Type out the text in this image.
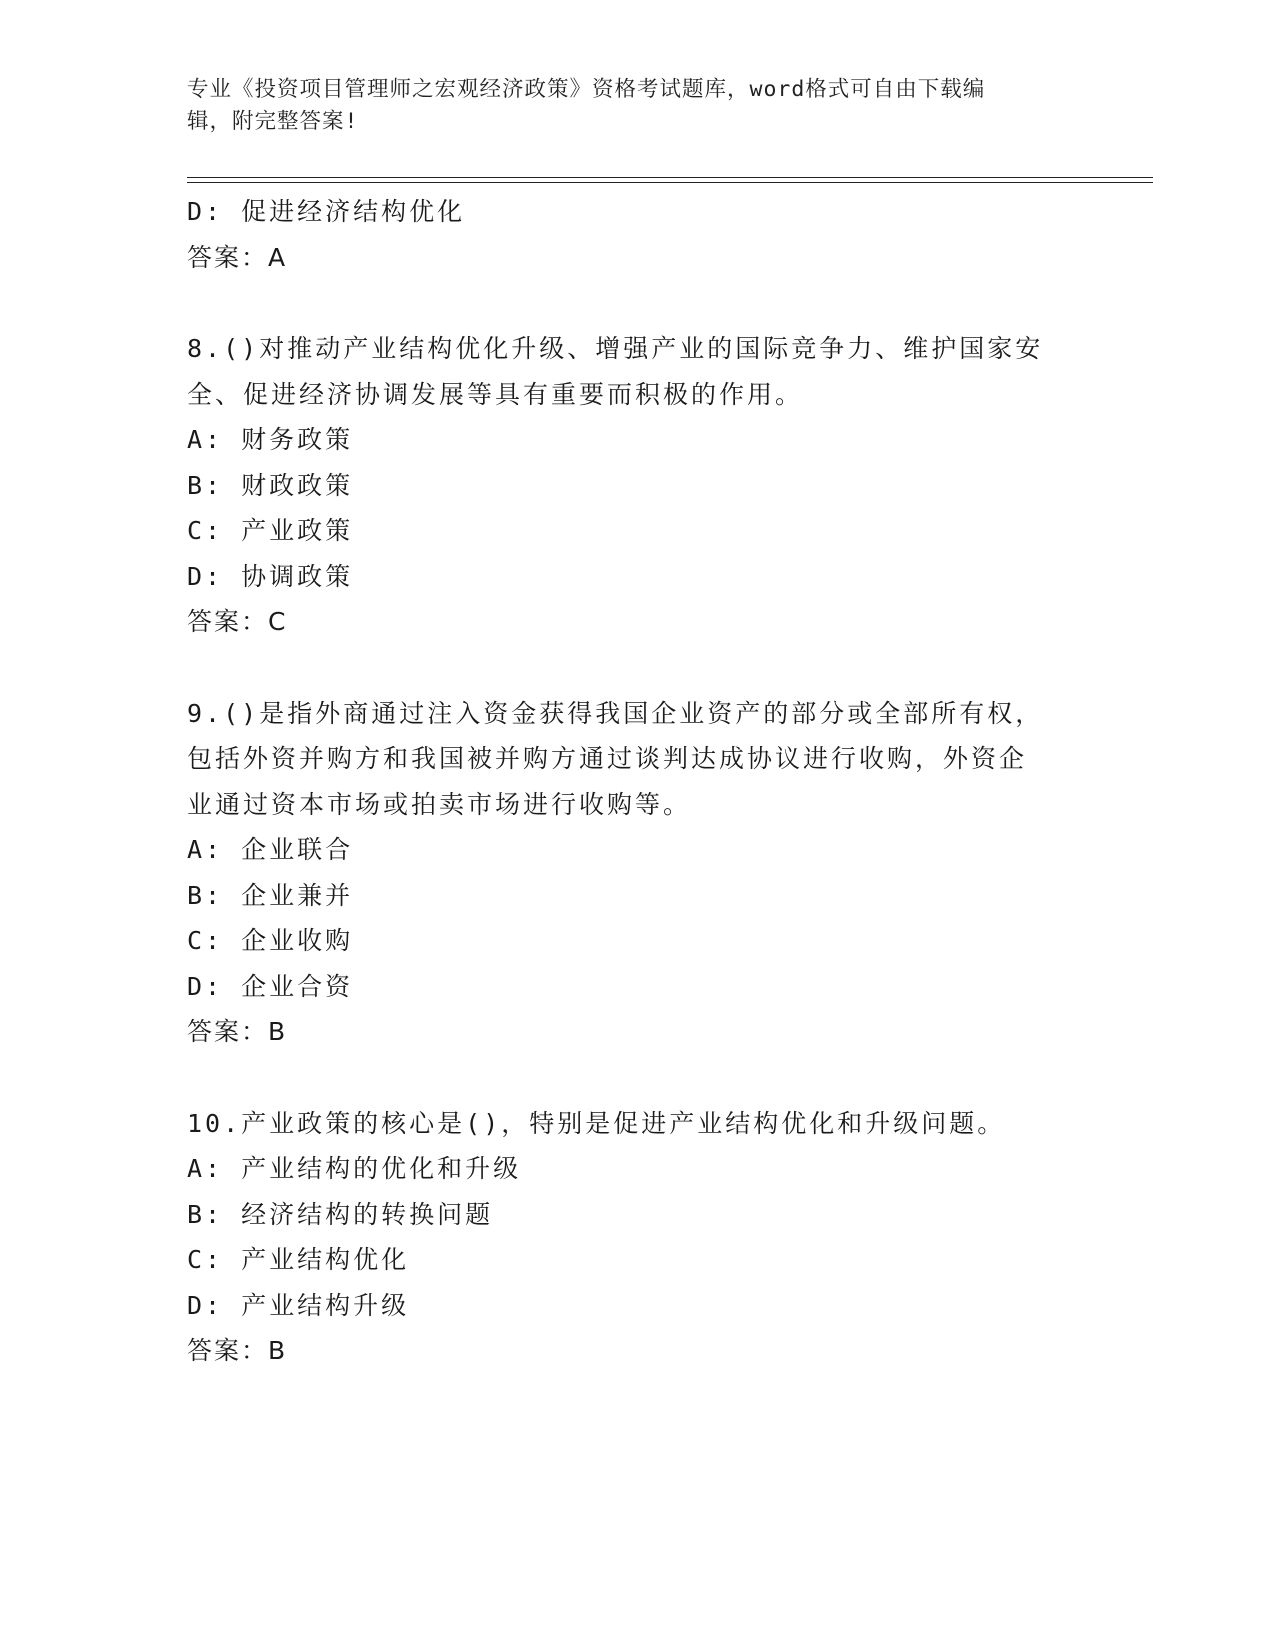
专业《投资项目管理师之宏观经济政策》资格考试题库，word格式可自由下载编
辑，附完整答案!
D: 促进经济结构优化
答案：A
8.()对推动产业结构优化升级、增强产业的国际竞争力、维护国家安
全、促进经济协调发展等具有重要而积极的作用。
A: 财务政策
B: 财政政策
C: 产业政策
D: 协调政策
答案：C
9.()是指外商通过注入资金获得我国企业资产的部分或全部所有权，
包括外资并购方和我国被并购方通过谈判达成协议进行收购，外资企
业通过资本市场或拍卖市场进行收购等。
A: 企业联合
B: 企业兼并
C: 企业收购
D: 企业合资
答案：B
10.产业政策的核心是()，特别是促进产业结构优化和升级问题。
A: 产业结构的优化和升级
B: 经济结构的转换问题
C: 产业结构优化
D: 产业结构升级
答案：B
